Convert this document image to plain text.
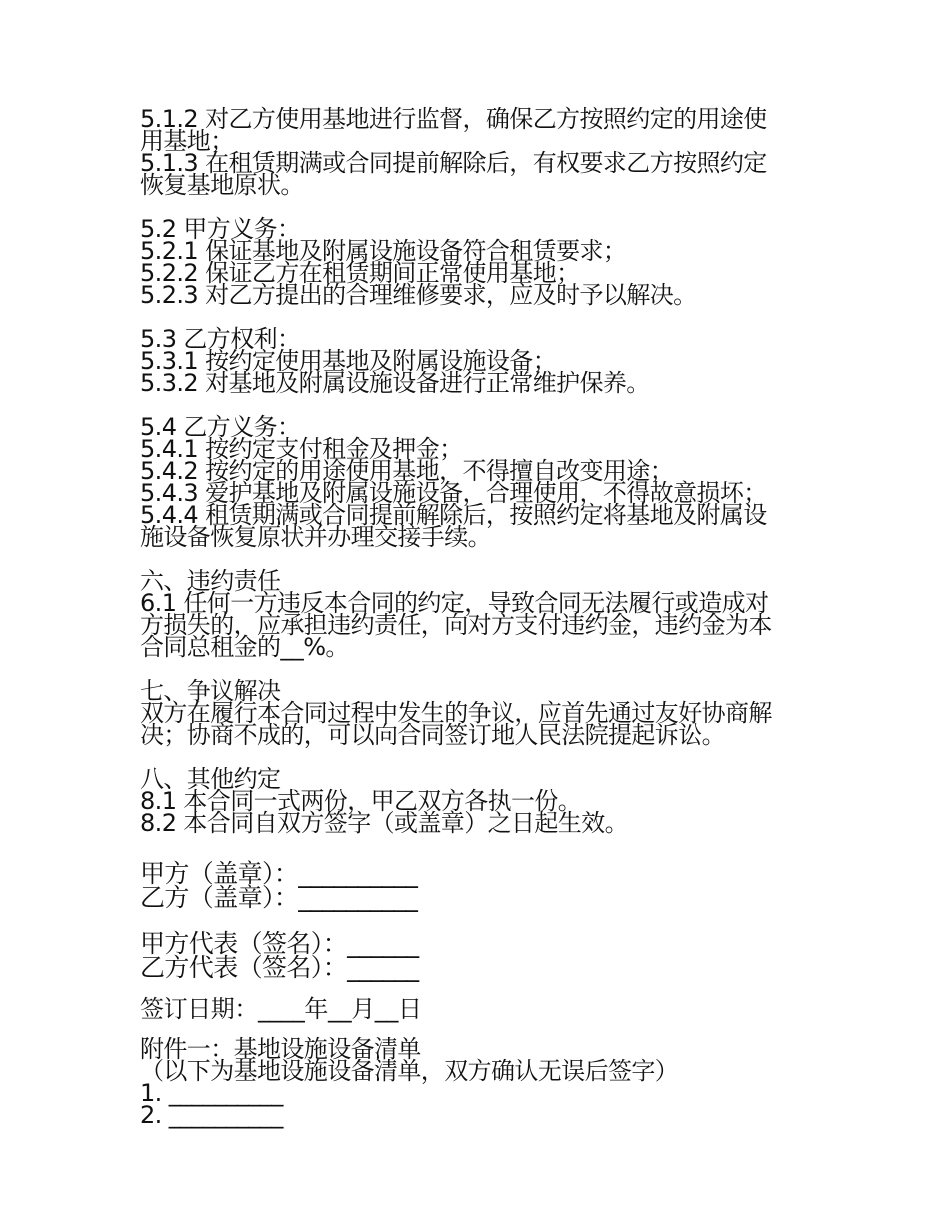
5.1.2 对乙方使用基地进行监督，确保乙方按照约定的用途使
用基地；
5.1.3 在租赁期满或合同提前解除后，有权要求乙方按照约定
恢复基地原状。
5.2 甲方义务：
5.2.1 保证基地及附属设施设备符合租赁要求；
5.2.2 保证乙方在租赁期间正常使用基地；
5.2.3 对乙方提出的合理维修要求，应及时予以解决。
5.3 乙方权利：
5.3.1 按约定使用基地及附属设施设备；
5.3.2 对基地及附属设施设备进行正常维护保养。
5.4 乙方义务：
5.4.1 按约定支付租金及押金；
5.4.2 按约定的用途使用基地，不得擅自改变用途；
5.4.3 爱护基地及附属设施设备，合理使用，不得故意损坏；
5.4.4 租赁期满或合同提前解除后，按照约定将基地及附属设
施设备恢复原状并办理交接手续。
六、违约责任
6.1 任何一方违反本合同的约定，导致合同无法履行或造成对
方损失的，应承担违约责任，向对方支付违约金，违约金为本
合同总租金的__%。
七、争议解决
双方在履行本合同过程中发生的争议，应首先通过友好协商解
决；协商不成的，可以向合同签订地人民法院提起诉讼。
八、其他约定
8.1 本合同一式两份，甲乙双方各执一份。
8.2 本合同自双方签字（或盖章）之日起生效。
甲方（盖章）：__________
乙方（盖章）：__________
甲方代表（签名）：______
乙方代表（签名）：______
签订日期：____年__月__日
附件一：基地设施设备清单
（以下为基地设施设备清单，双方确认无误后签字）
1. __________
2. __________
